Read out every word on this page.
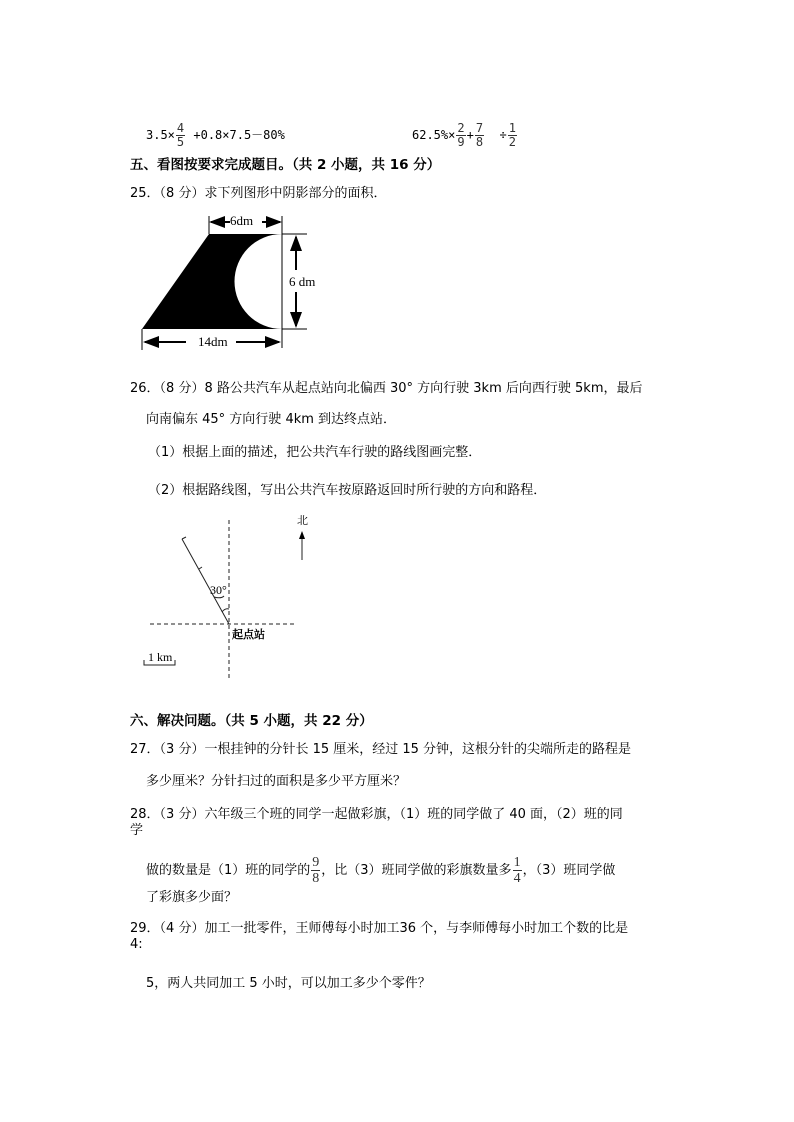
$3.5\times \frac{4}{5} +0.8\times 7.5-80\%$	$62.5\%\times \frac{2}{9} + \frac{7}{8} \div \frac{1}{2}$
五、看图按要求完成题目。（共 2 小题，共 16 分）
25．（8 分）求下列图形中阴影部分的面积．
6dm
6 dm
14dm
26．（8 分）8 路公共汽车从起点站向北偏西 30° 方向行驶 3km 后向西行驶 5km，最后
向南偏东 45° 方向行驶 4km 到达终点站．
（1）根据上面的描述，把公共汽车行驶的路线图画完整．
（2）根据路线图，写出公共汽车按原路返回时所行驶的方向和路程．
北
30°
起点站
1 km
六、解决问题。（共 5 小题，共 22 分）
27．（3 分）一根挂钟的分针长 15 厘米，经过 15 分钟，这根分针的尖端所走的路程是
多少厘米？分针扫过的面积是多少平方厘米？
28．（3 分）六年级三个班的同学一起做彩旗，（1）班的同学做了 40 面，（2）班的同
学
做的数量是（1）班的同学的 $\frac{9}{8}$ ，比（3）班同学做的彩旗数量多 $\frac{1}{4}$ ，（3）班同学做
了彩旗多少面？
29．（4 分）加工一批零件，王师傅每小时加工36 个，与李师傅每小时加工个数的比是
4:
5，两人共同加工 5 小时，可以加工多少个零件？
